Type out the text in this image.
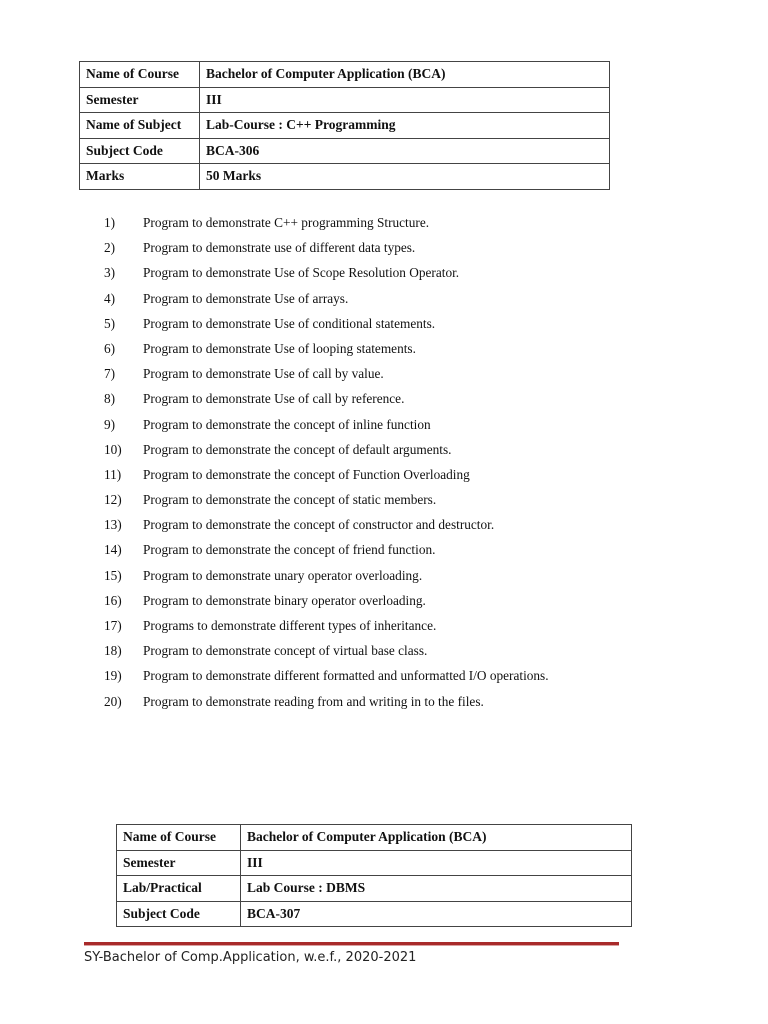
Name of Course	Bachelor of Computer Application (BCA)
Semester	III
Name of Subject	Lab-Course : C++ Programming
Subject Code	BCA-306
Marks	50 Marks
1) Program to demonstrate C++ programming Structure.
2) Program to demonstrate use of different data types.
3) Program to demonstrate Use of Scope Resolution Operator.
4) Program to demonstrate Use of arrays.
5) Program to demonstrate Use of conditional statements.
6) Program to demonstrate Use of looping statements.
7) Program to demonstrate Use of call by value.
8) Program to demonstrate Use of call by reference.
9) Program to demonstrate the concept of inline function
10) Program to demonstrate the concept of default arguments.
11) Program to demonstrate the concept of Function Overloading
12) Program to demonstrate the concept of static members.
13) Program to demonstrate the concept of constructor and destructor.
14) Program to demonstrate the concept of friend function.
15) Program to demonstrate unary operator overloading.
16) Program to demonstrate binary operator overloading.
17) Programs to demonstrate different types of inheritance.
18) Program to demonstrate concept of virtual base class.
19) Program to demonstrate different formatted and unformatted I/O operations.
20) Program to demonstrate reading from and writing in to the files.
Name of Course	Bachelor of Computer Application (BCA)
Semester	III
Lab/Practical	Lab Course : DBMS
Subject Code	BCA-307
SY-Bachelor of Comp.Application, w.e.f., 2020-2021
